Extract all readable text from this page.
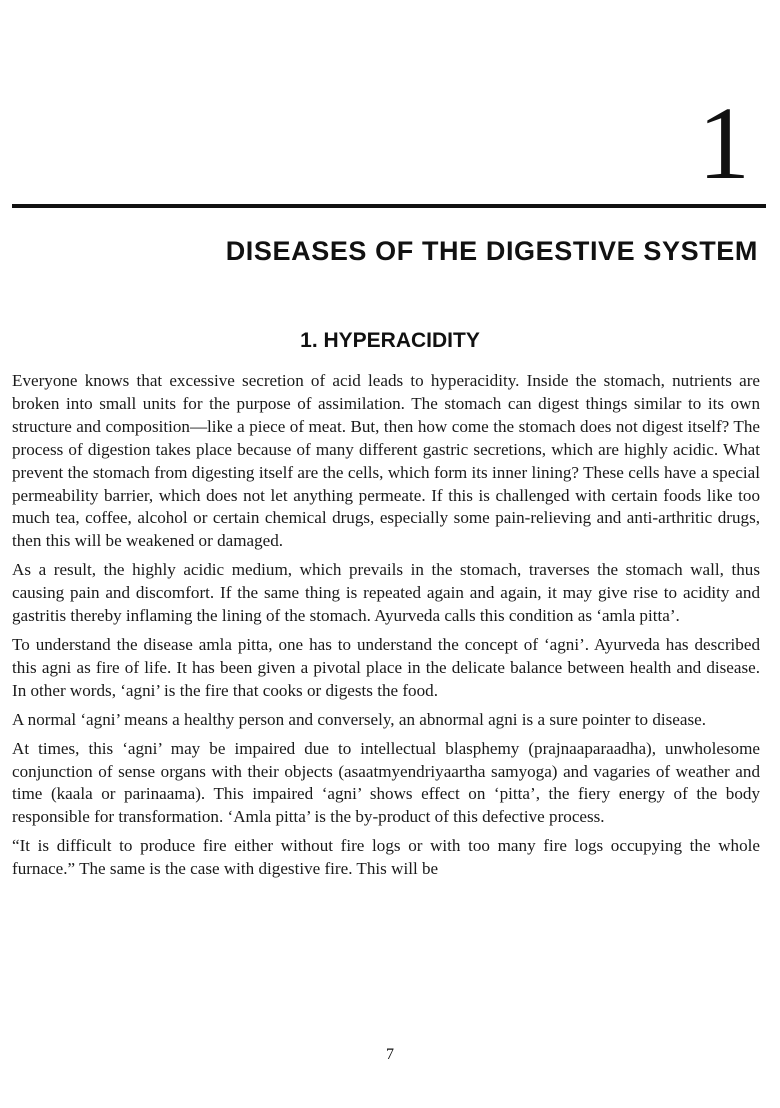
1
DISEASES OF THE DIGESTIVE SYSTEM
1. HYPERACIDITY

Everyone knows that excessive secretion of acid leads to hyperacidity. Inside the stomach, nutrients are broken into small units for the purpose of assimilation. The stomach can digest things similar to its own structure and composition—like a piece of meat. But, then how come the stomach does not digest itself? The process of digestion takes place because of many different gastric secretions, which are highly acidic. What prevent the stomach from digesting itself are the cells, which form its inner lining? These cells have a special permeability barrier, which does not let anything permeate. If this is challenged with certain foods like too much tea, coffee, alcohol or certain chemical drugs, especially some pain-relieving and anti-arthritic drugs, then this will be weakened or damaged.

As a result, the highly acidic medium, which prevails in the stomach, traverses the stomach wall, thus causing pain and discomfort. If the same thing is repeated again and again, it may give rise to acidity and gastritis thereby inflaming the lining of the stomach. Ayurveda calls this condition as ‘amla pitta’.

To understand the disease amla pitta, one has to understand the concept of ‘agni’. Ayurveda has described this agni as fire of life. It has been given a pivotal place in the delicate balance between health and disease. In other words, ‘agni’ is the fire that cooks or digests the food.

A normal ‘agni’ means a healthy person and conversely, an abnormal agni is a sure pointer to disease.

At times, this ‘agni’ may be impaired due to intellectual blasphemy (prajnaaparaadha), unwholesome conjunction of sense organs with their objects (asaatmyendriyaartha samyoga) and vagaries of weather and time (kaala or parinaama). This impaired ‘agni’ shows effect on ‘pitta’, the fiery energy of the body responsible for transformation. ‘Amla pitta’ is the by-product of this defective process.

“It is difficult to produce fire either without fire logs or with too many fire logs occupying the whole furnace.” The same is the case with digestive fire. This will be

7
